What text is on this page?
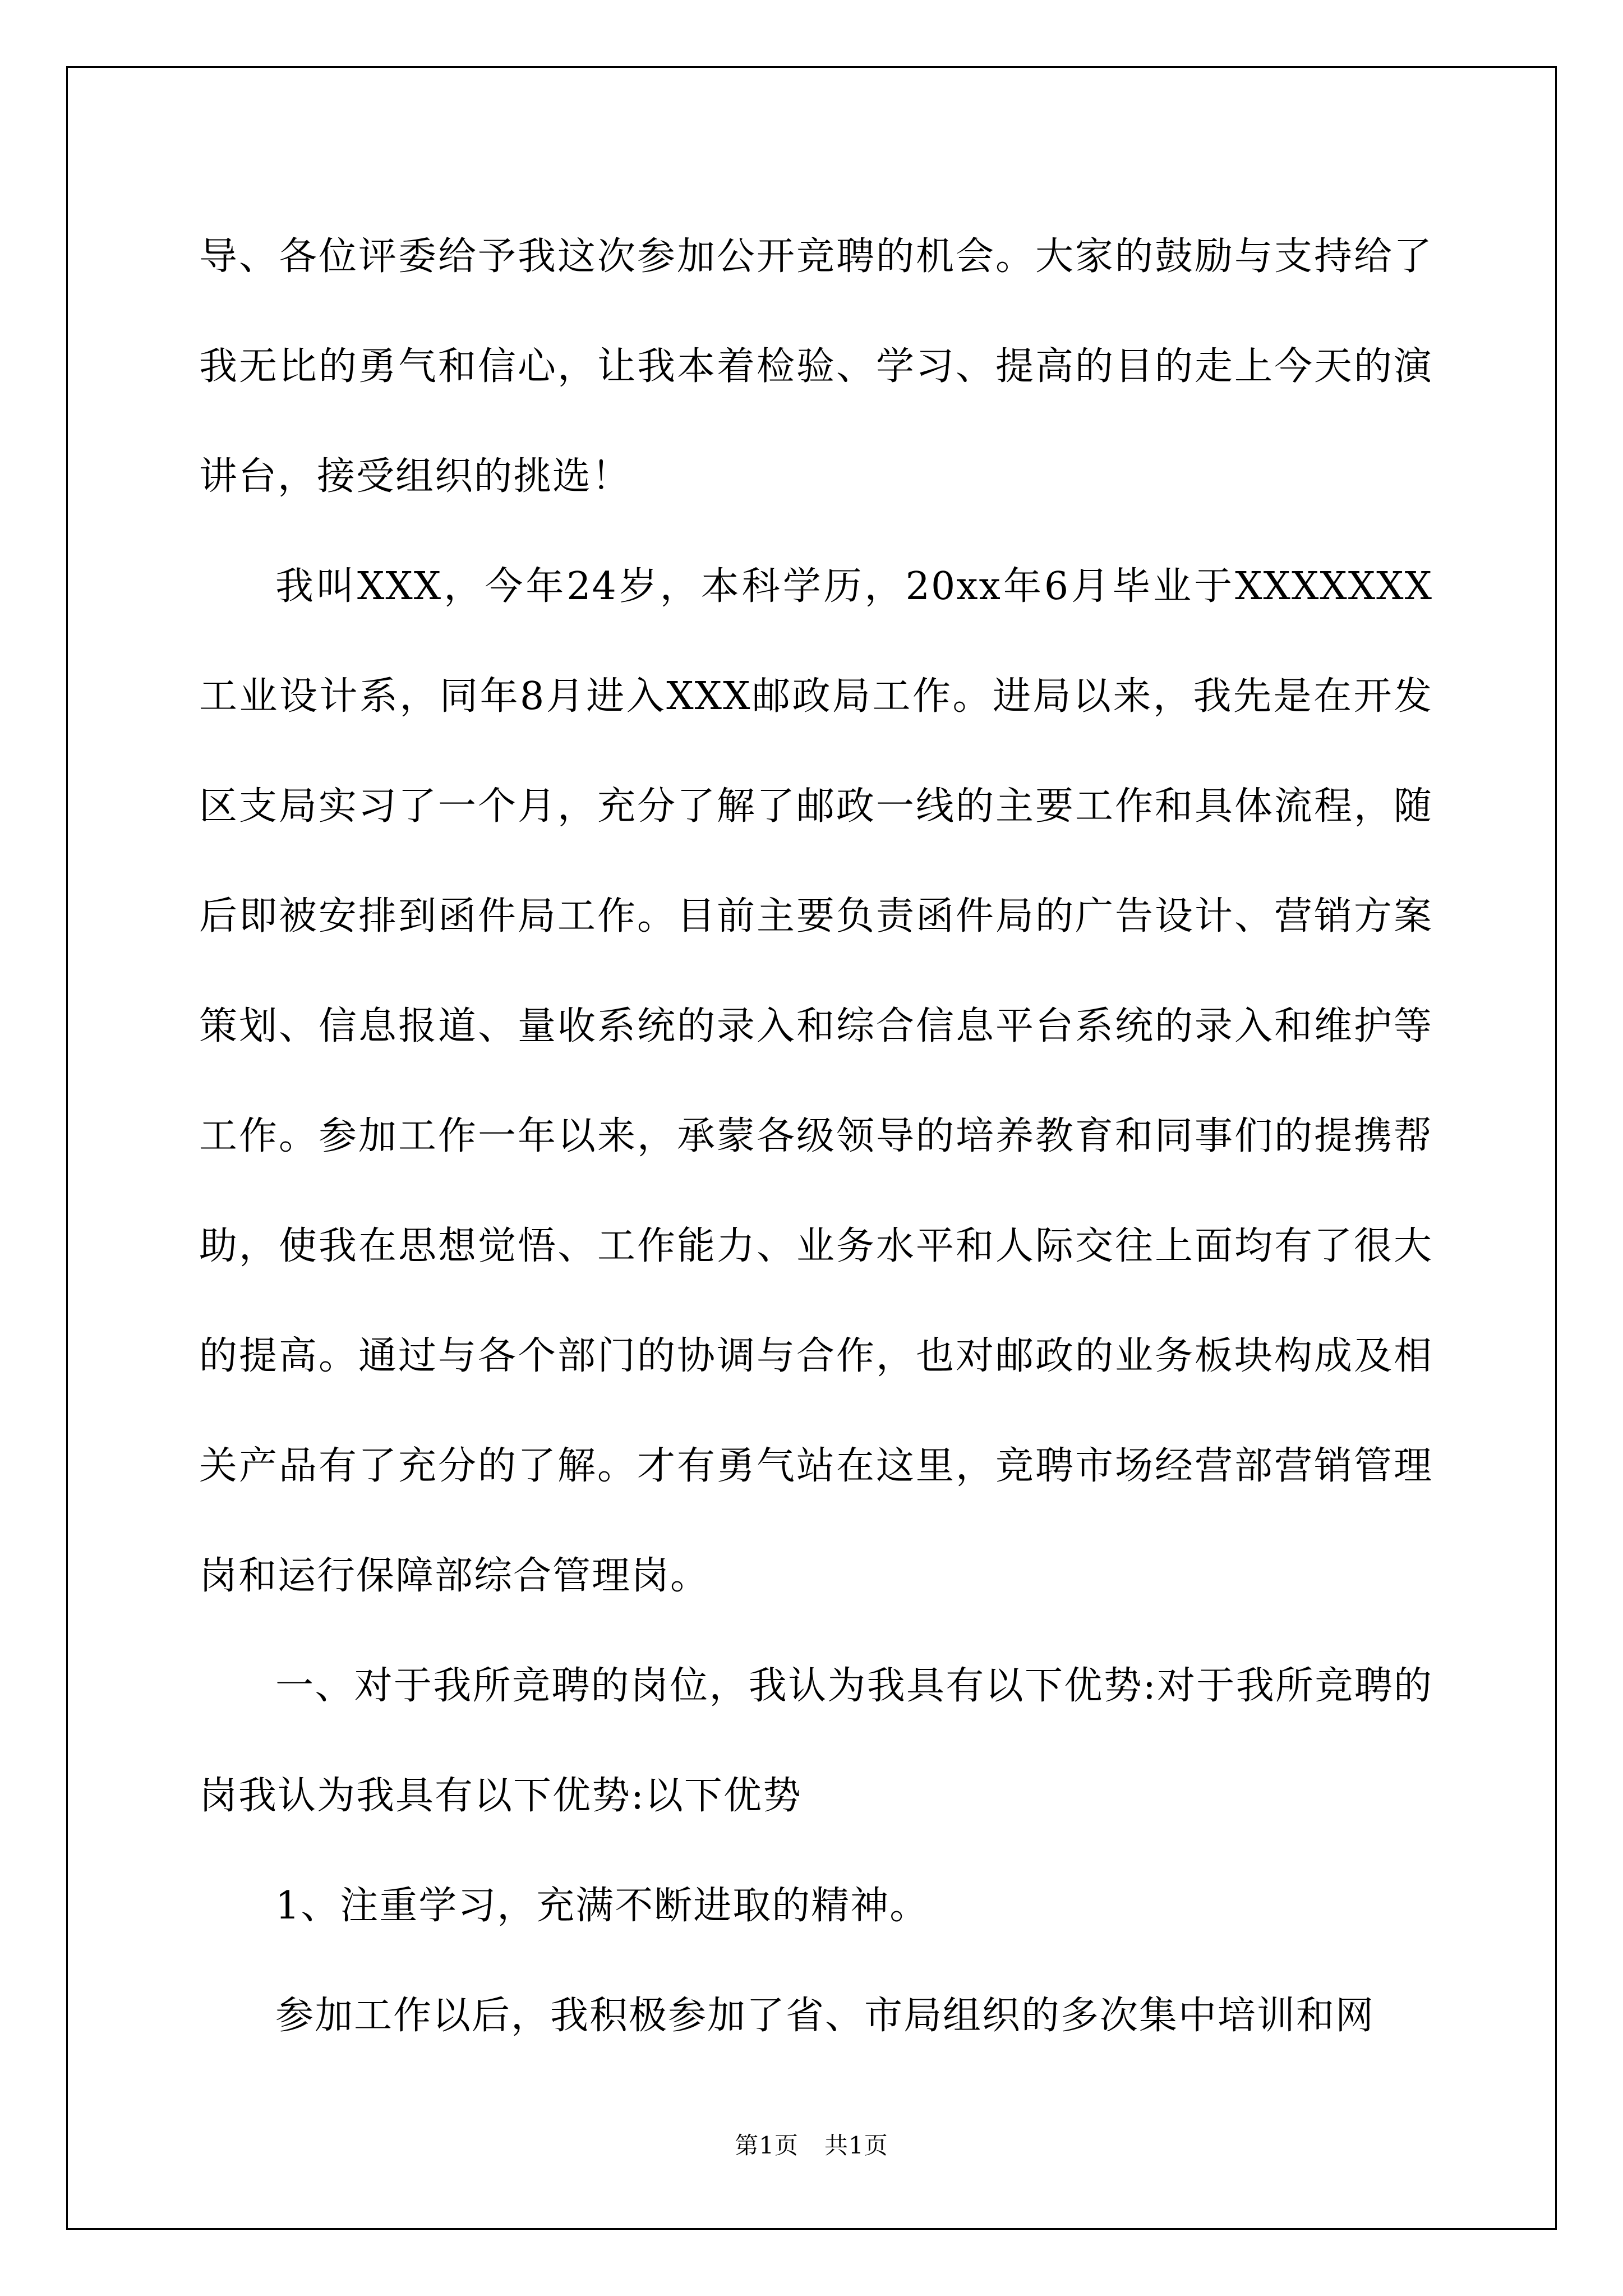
导、各位评委给予我这次参加公开竞聘的机会。大家的鼓励与支持给了我无比的勇气和信心，让我本着检验、学习、提高的目的走上今天的演讲台，接受组织的挑选！

我叫XXX，今年24岁，本科学历，20xx年6月毕业于XXXXXXX工业设计系，同年8月进入XXX邮政局工作。进局以来，我先是在开发区支局实习了一个月，充分了解了邮政一线的主要工作和具体流程，随后即被安排到函件局工作。目前主要负责函件局的广告设计、营销方案策划、信息报道、量收系统的录入和综合信息平台系统的录入和维护等工作。参加工作一年以来，承蒙各级领导的培养教育和同事们的提携帮助，使我在思想觉悟、工作能力、业务水平和人际交往上面均有了很大的提高。通过与各个部门的协调与合作，也对邮政的业务板块构成及相关产品有了充分的了解。才有勇气站在这里，竞聘市场经营部营销管理岗和运行保障部综合管理岗。

一、对于我所竞聘的岗位，我认为我具有以下优势:对于我所竞聘的岗我认为我具有以下优势:以下优势

1、注重学习，充满不断进取的精神。

参加工作以后，我积极参加了省、市局组织的多次集中培训和网

第1页 共1页
